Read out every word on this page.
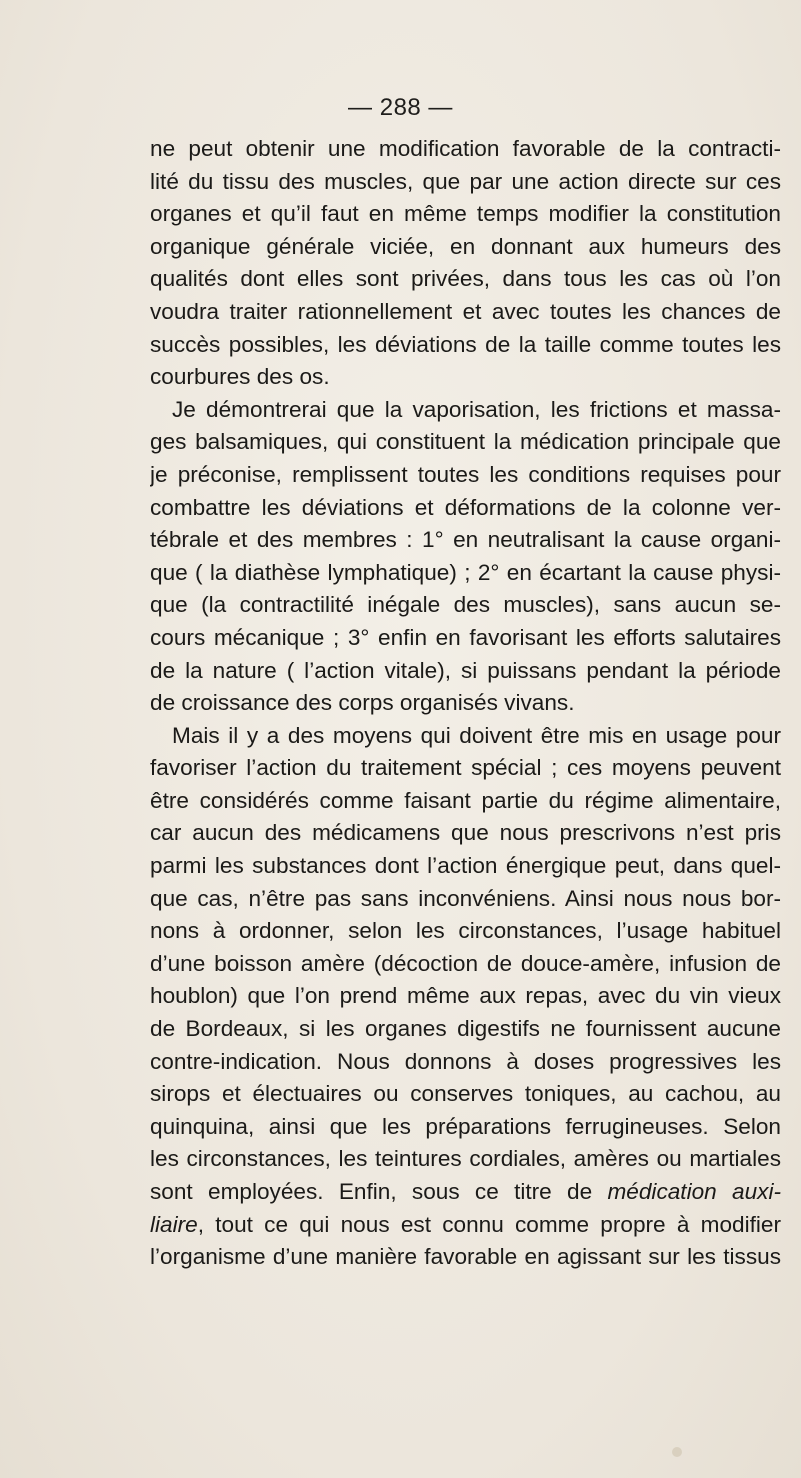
— 288 —
ne peut obtenir une modification favorable de la contracti-
lité du tissu des muscles, que par une action directe sur ces
organes et qu’il faut en même temps modifier la constitution
organique générale viciée, en donnant aux humeurs des
qualités dont elles sont privées, dans tous les cas où l’on
voudra traiter rationnellement et avec toutes les chances de
succès possibles, les déviations de la taille comme toutes les
courbures des os.
Je démontrerai que la vaporisation, les frictions et massa-
ges balsamiques, qui constituent la médication principale que
je préconise, remplissent toutes les conditions requises pour
combattre les déviations et déformations de la colonne ver-
tébrale et des membres : 1° en neutralisant la cause organi-
que ( la diathèse lymphatique) ; 2° en écartant la cause physi-
que (la contractilité inégale des muscles), sans aucun se-
cours mécanique ; 3° enfin en favorisant les efforts salutaires
de la nature ( l’action vitale), si puissans pendant la période
de croissance des corps organisés vivans.
Mais il y a des moyens qui doivent être mis en usage pour
favoriser l’action du traitement spécial ; ces moyens peuvent
être considérés comme faisant partie du régime alimentaire,
car aucun des médicamens que nous prescrivons n’est pris
parmi les substances dont l’action énergique peut, dans quel-
que cas, n’être pas sans inconvéniens. Ainsi nous nous bor-
nons à ordonner, selon les circonstances, l’usage habituel
d’une boisson amère (décoction de douce-amère, infusion de
houblon) que l’on prend même aux repas, avec du vin vieux
de Bordeaux, si les organes digestifs ne fournissent aucune
contre-indication. Nous donnons à doses progressives les
sirops et électuaires ou conserves toniques, au cachou, au
quinquina, ainsi que les préparations ferrugineuses. Selon
les circonstances, les teintures cordiales, amères ou martiales
sont employées. Enfin, sous ce titre de médication auxi-
liaire, tout ce qui nous est connu comme propre à modifier
l’organisme d’une manière favorable en agissant sur les tissus
